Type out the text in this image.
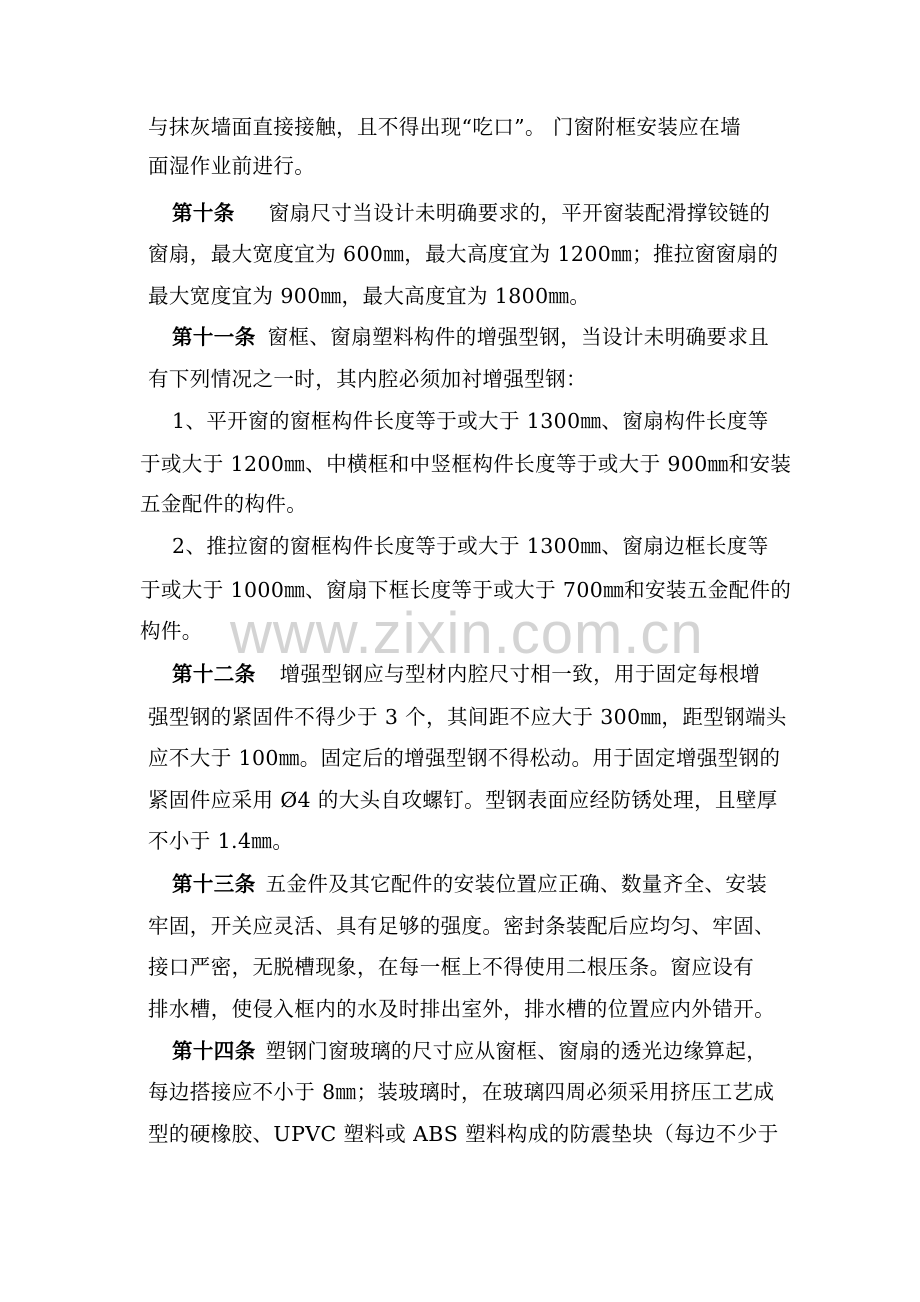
www.zixin.com.cn
与抹灰墙面直接接触，且不得出现“吃口”。 门窗附框安装应在墙
面湿作业前进行。
第十条 窗扇尺寸当设计未明确要求的，平开窗装配滑撑铰链的
窗扇，最大宽度宜为 600㎜，最大高度宜为 1200㎜；推拉窗窗扇的
最大宽度宜为 900㎜，最大高度宜为 1800㎜。
第十一条 窗框、窗扇塑料构件的增强型钢，当设计未明确要求且
有下列情况之一时，其内腔必须加衬增强型钢：
1、平开窗的窗框构件长度等于或大于 1300㎜、窗扇构件长度等
于或大于 1200㎜、中横框和中竖框构件长度等于或大于 900㎜和安装
五金配件的构件。
2、推拉窗的窗框构件长度等于或大于 1300㎜、窗扇边框长度等
于或大于 1000㎜、窗扇下框长度等于或大于 700㎜和安装五金配件的
构件。
第十二条 增强型钢应与型材内腔尺寸相一致，用于固定每根增
强型钢的紧固件不得少于 3 个，其间距不应大于 300㎜，距型钢端头
应不大于 100㎜。固定后的增强型钢不得松动。用于固定增强型钢的
紧固件应采用 Ø4 的大头自攻螺钉。型钢表面应经防锈处理，且壁厚
不小于 1.4㎜。
第十三条 五金件及其它配件的安装位置应正确、数量齐全、安装
牢固，开关应灵活、具有足够的强度。密封条装配后应均匀、牢固、
接口严密，无脱槽现象，在每一框上不得使用二根压条。窗应设有
排水槽，使侵入框内的水及时排出室外，排水槽的位置应内外错开。
第十四条 塑钢门窗玻璃的尺寸应从窗框、窗扇的透光边缘算起，
每边搭接应不小于 8㎜；装玻璃时，在玻璃四周必须采用挤压工艺成
型的硬橡胶、UPVC 塑料或 ABS 塑料构成的防震垫块（每边不少于
